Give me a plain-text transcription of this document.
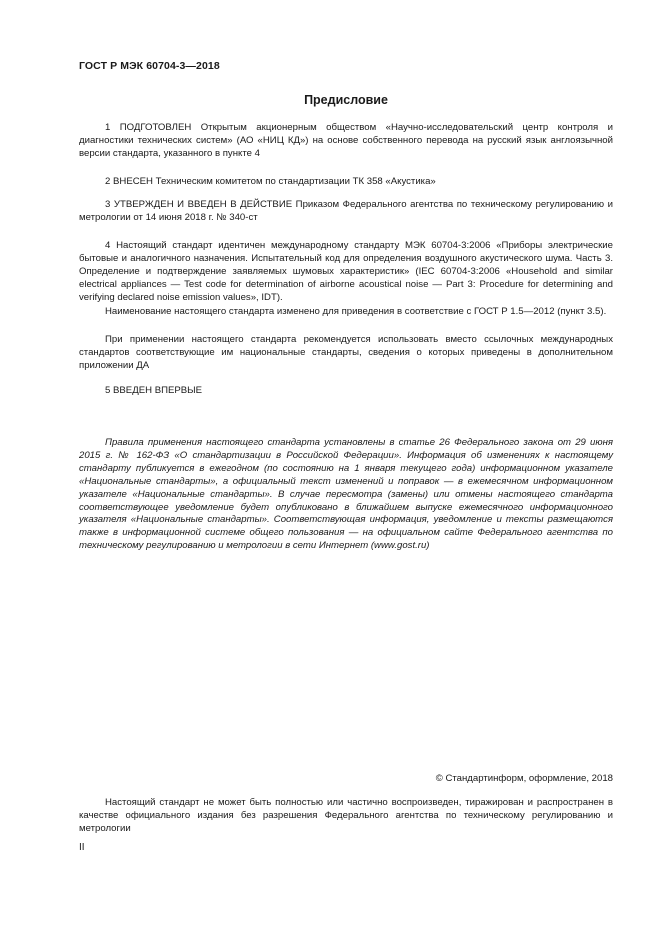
ГОСТ Р МЭК 60704-3—2018
Предисловие

1 ПОДГОТОВЛЕН Открытым акционерным обществом «Научно-исследовательский центр контроля и диагностики технических систем» (АО «НИЦ КД») на основе собственного перевода на русский язык англоязычной версии стандарта, указанного в пункте 4

2 ВНЕСЕН Техническим комитетом по стандартизации ТК 358 «Акустика»

3 УТВЕРЖДЕН И ВВЕДЕН В ДЕЙСТВИЕ Приказом Федерального агентства по техническому регулированию и метрологии от 14 июня 2018 г. № 340-ст

4 Настоящий стандарт идентичен международному стандарту МЭК 60704-3:2006 «Приборы электрические бытовые и аналогичного назначения. Испытательный код для определения воздушного акустического шума. Часть 3. Определение и подтверждение заявляемых шумовых характеристик» (IEC 60704-3:2006 «Household and similar electrical appliances — Test code for determination of airborne acoustical noise — Part 3: Procedure for determining and verifying declared noise emission values», IDT).

Наименование настоящего стандарта изменено для приведения в соответствие с ГОСТ Р 1.5—2012 (пункт 3.5).

При применении настоящего стандарта рекомендуется использовать вместо ссылочных международных стандартов соответствующие им национальные стандарты, сведения о которых приведены в дополнительном приложении ДА

5 ВВЕДЕН ВПЕРВЫЕ

Правила применения настоящего стандарта установлены в статье 26 Федерального закона от 29 июня 2015 г. № 162-ФЗ «О стандартизации в Российской Федерации». Информация об изменениях к настоящему стандарту публикуется в ежегодном (по состоянию на 1 января текущего года) информационном указателе «Национальные стандарты», а официальный текст изменений и поправок — в ежемесячном информационном указателе «Национальные стандарты». В случае пересмотра (замены) или отмены настоящего стандарта соответствующее уведомление будет опубликовано в ближайшем выпуске ежемесячного информационного указателя «Национальные стандарты». Соответствующая информация, уведомление и тексты размещаются также в информационной системе общего пользования — на официальном сайте Федерального агентства по техническому регулированию и метрологии в сети Интернет (www.gost.ru)

© Стандартинформ, оформление, 2018

Настоящий стандарт не может быть полностью или частично воспроизведен, тиражирован и распространен в качестве официального издания без разрешения Федерального агентства по техническому регулированию и метрологии

II
